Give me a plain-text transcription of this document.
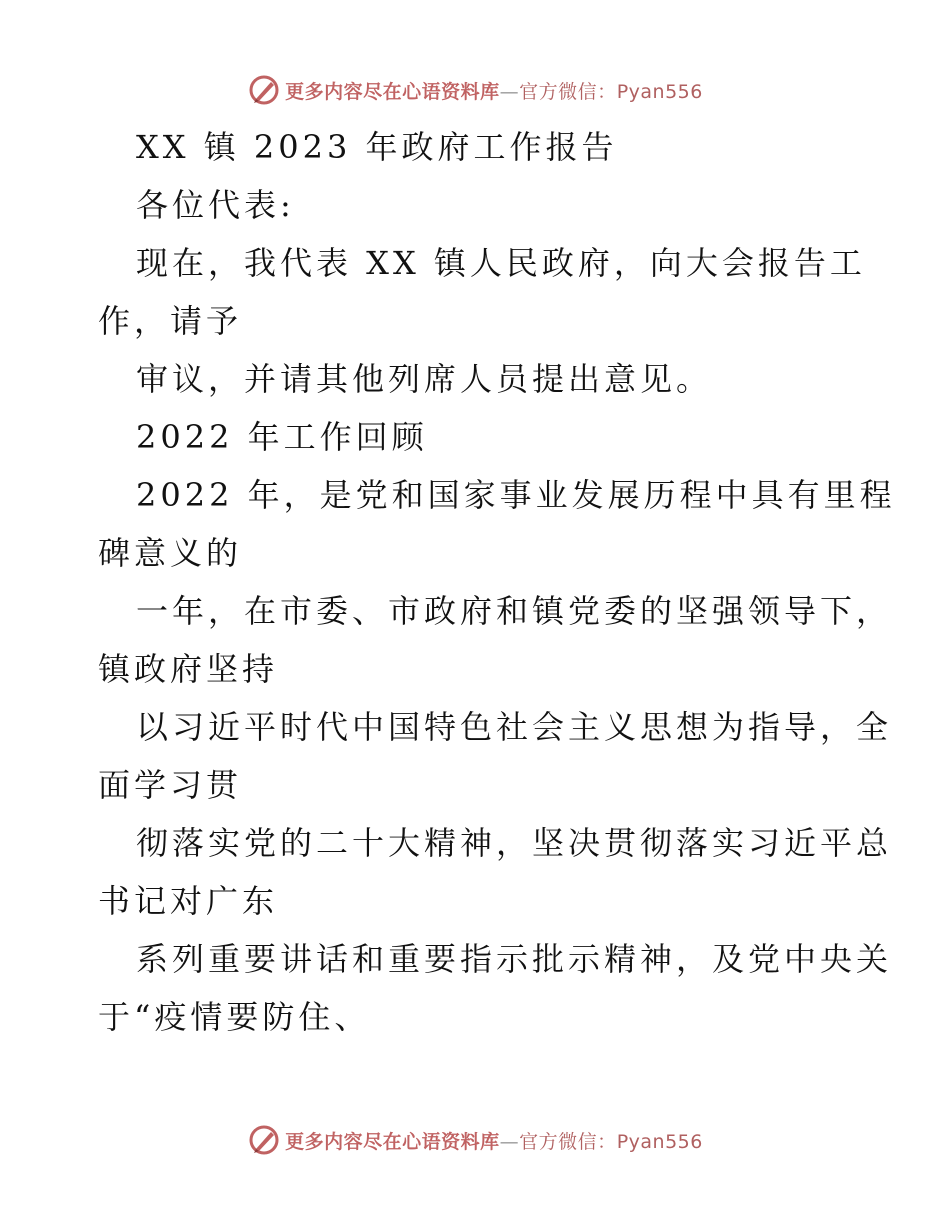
更多内容尽在心语资料库—官方微信：Pyan556
XX 镇 2023 年政府工作报告
各位代表:
现在，我代表 XX 镇人民政府，向大会报告工
作，请予
审议，并请其他列席人员提出意见。
2022 年工作回顾
2022 年，是党和国家事业发展历程中具有里程
碑意义的
一年，在市委、市政府和镇党委的坚强领导下，
镇政府坚持
以习近平时代中国特色社会主义思想为指导，全
面学习贯
彻落实党的二十大精神，坚决贯彻落实习近平总
书记对广东
系列重要讲话和重要指示批示精神，及党中央关
于“疫情要防住、
更多内容尽在心语资料库—官方微信：Pyan556
